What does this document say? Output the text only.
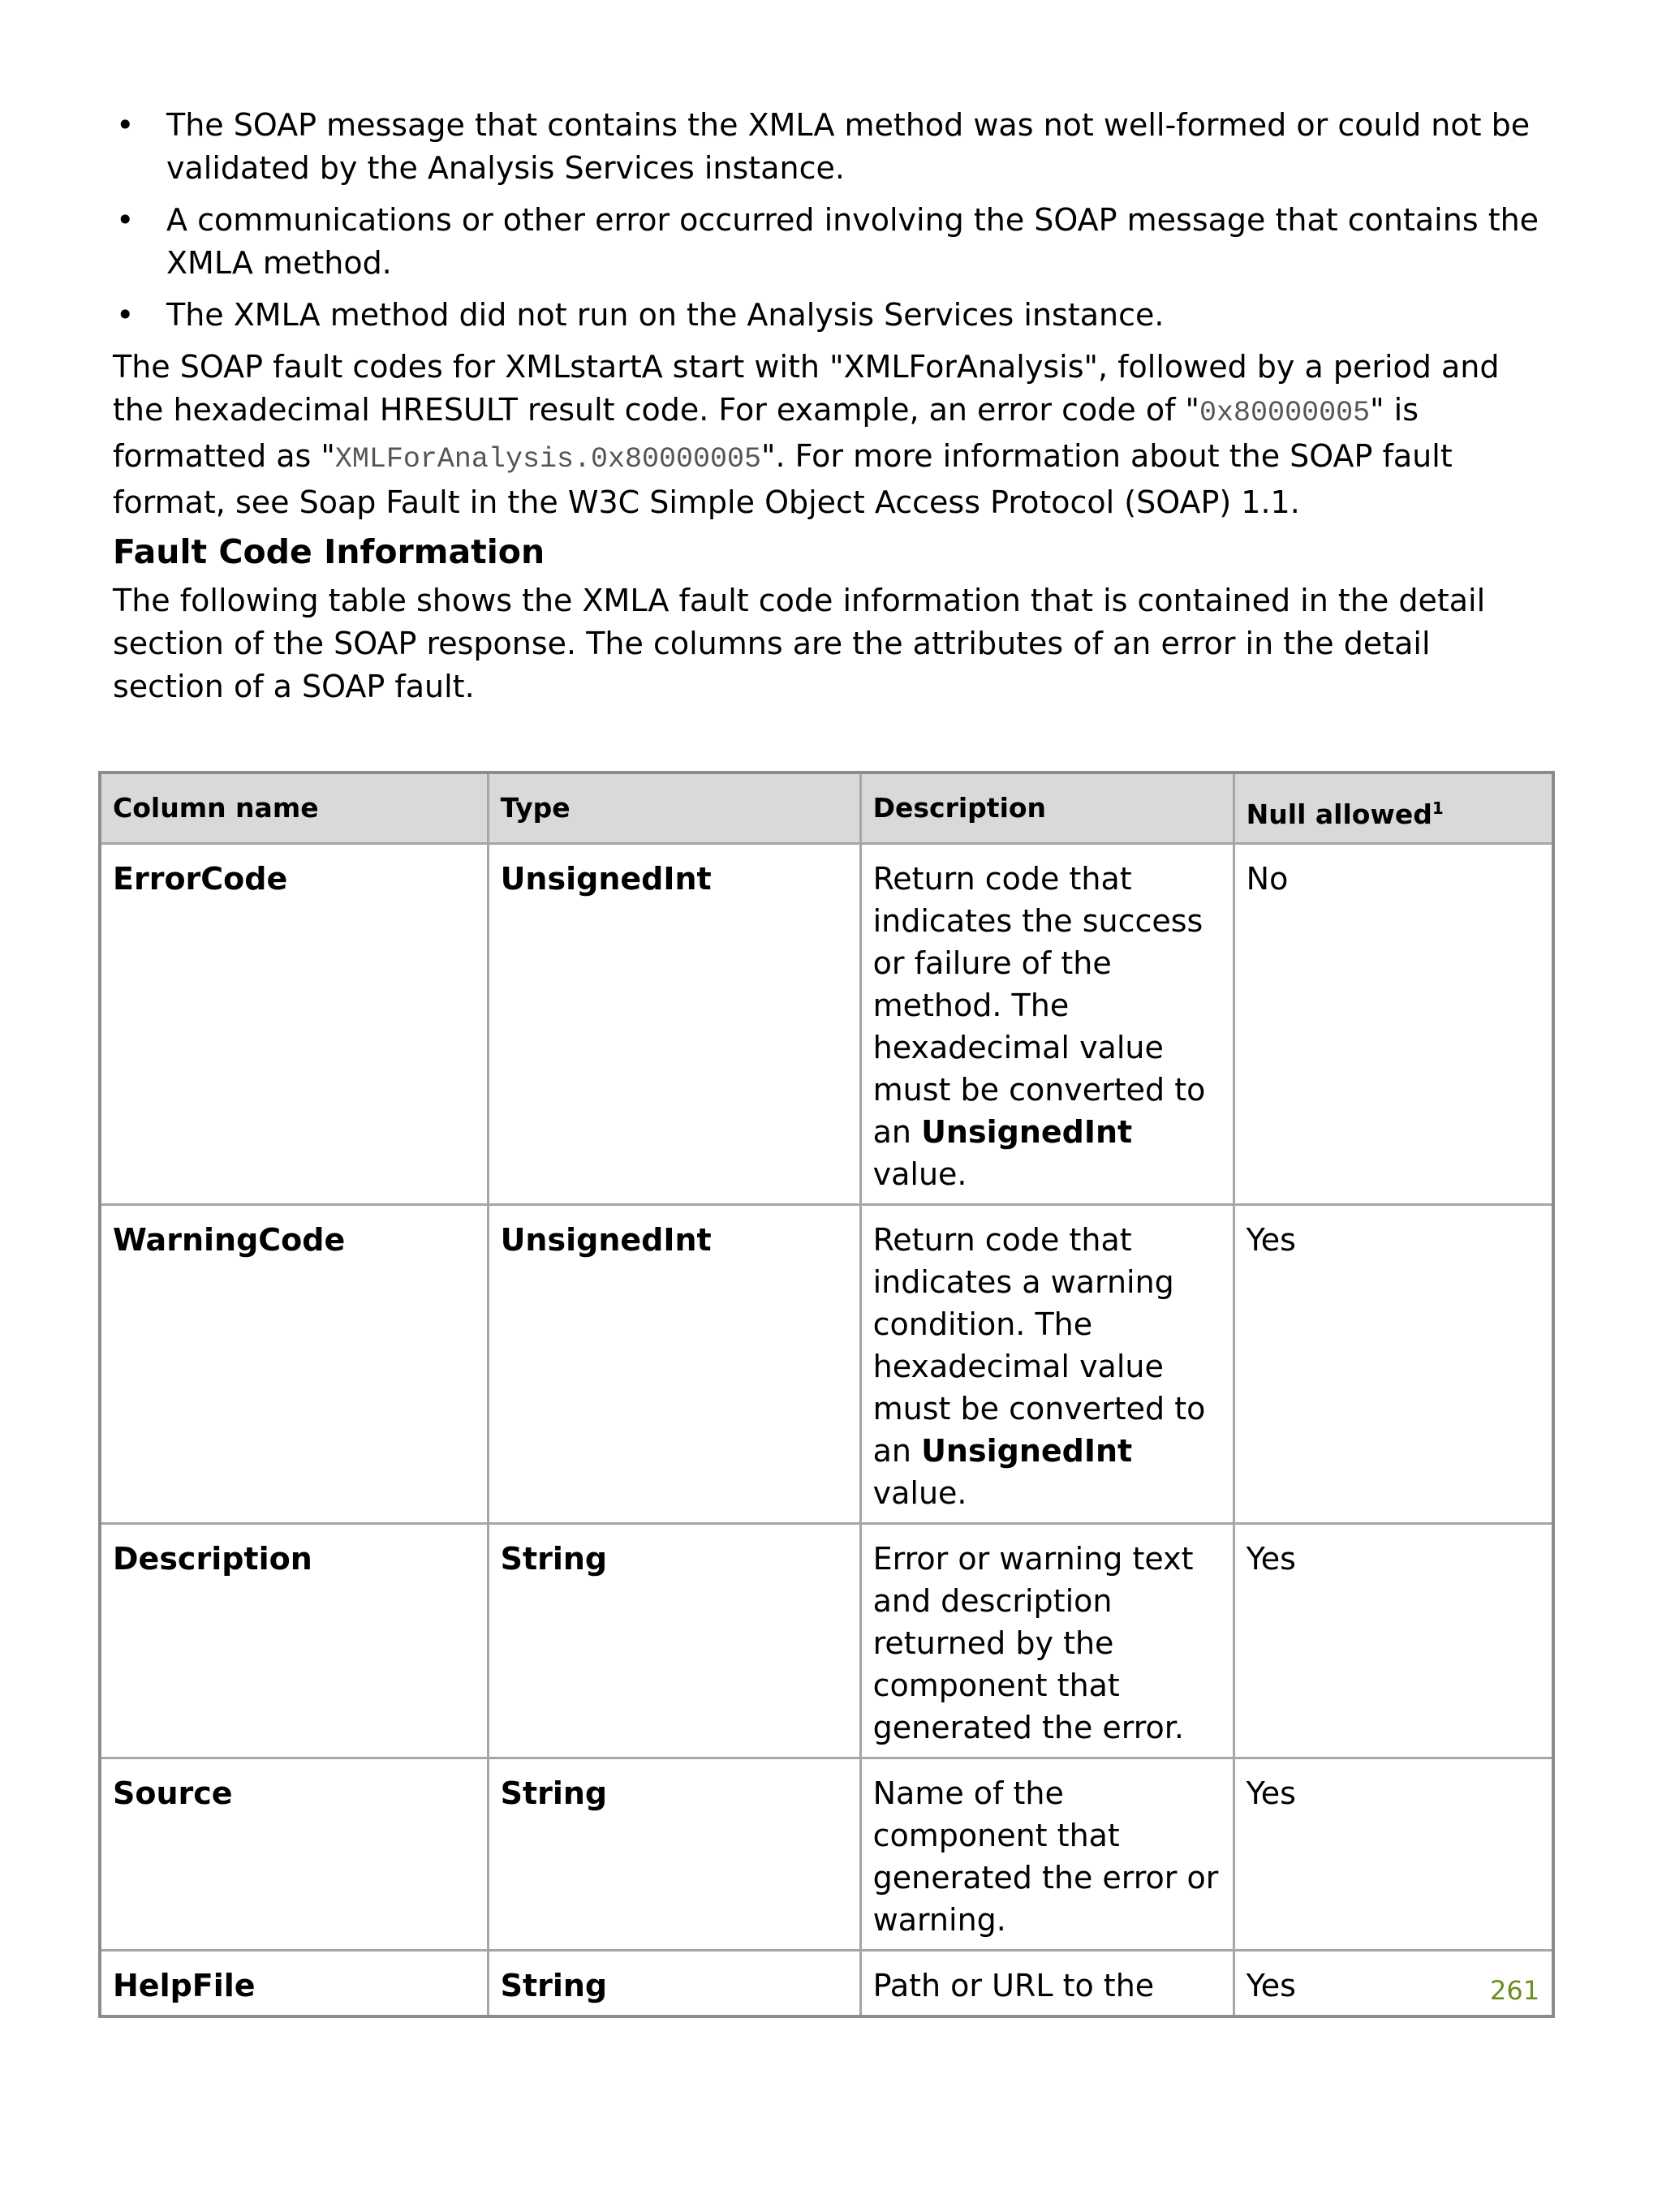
• The SOAP message that contains the XMLA method was not well-formed or could not be validated by the Analysis Services instance.
• A communications or other error occurred involving the SOAP message that contains the XMLA method.
• The XMLA method did not run on the Analysis Services instance.

The SOAP fault codes for XMLstartA start with "XMLForAnalysis", followed by a period and the hexadecimal HRESULT result code. For example, an error code of "0x80000005" is formatted as "XMLForAnalysis.0x80000005". For more information about the SOAP fault format, see Soap Fault in the W3C Simple Object Access Protocol (SOAP) 1.1.

Fault Code Information

The following table shows the XMLA fault code information that is contained in the detail section of the SOAP response. The columns are the attributes of an error in the detail section of a SOAP fault.

Column name	Type	Description	Null allowed$^1$
ErrorCode	UnsignedInt	Return code that indicates the success or failure of the method. The hexadecimal value must be converted to an UnsignedInt value.	No
WarningCode	UnsignedInt	Return code that indicates a warning condition. The hexadecimal value must be converted to an UnsignedInt value.	Yes
Description	String	Error or warning text and description returned by the component that generated the error.	Yes
Source	String	Name of the component that generated the error or warning.	Yes
HelpFile	String	Path or URL to the	Yes	261
